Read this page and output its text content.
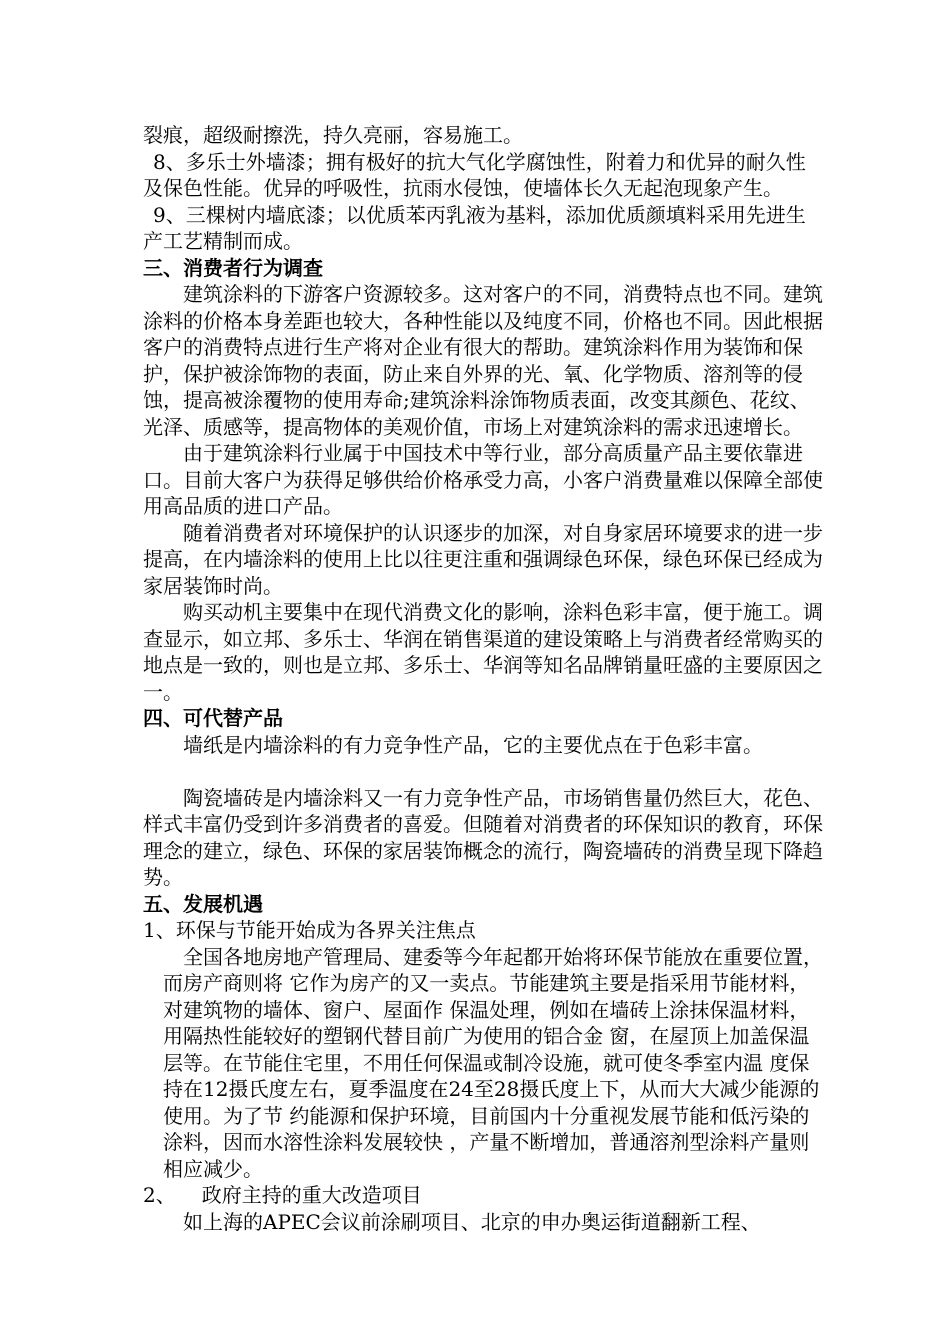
裂痕，超级耐擦洗，持久亮丽，容易施工。

8、多乐士外墙漆；拥有极好的抗大气化学腐蚀性，附着力和优异的耐久性及保色性能。优异的呼吸性，抗雨水侵蚀，使墙体长久无起泡现象产生。

9、三棵树内墙底漆；以优质苯丙乳液为基料，添加优质颜填料采用先进生产工艺精制而成。

三、消费者行为调查

建筑涂料的下游客户资源较多。这对客户的不同，消费特点也不同。建筑涂料的价格本身差距也较大，各种性能以及纯度不同，价格也不同。因此根据客户的消费特点进行生产将对企业有很大的帮助。建筑涂料作用为装饰和保护，保护被涂饰物的表面，防止来自外界的光、氧、化学物质、溶剂等的侵蚀，提高被涂覆物的使用寿命;建筑涂料涂饰物质表面，改变其颜色、花纹、光泽、质感等，提高物体的美观价值，市场上对建筑涂料的需求迅速增长。

由于建筑涂料行业属于中国技术中等行业，部分高质量产品主要依靠进口。目前大客户为获得足够供给价格承受力高，小客户消费量难以保障全部使用高品质的进口产品。

随着消费者对环境保护的认识逐步的加深，对自身家居环境要求的进一步提高，在内墙涂料的使用上比以往更注重和强调绿色环保，绿色环保已经成为家居装饰时尚。

购买动机主要集中在现代消费文化的影响，涂料色彩丰富，便于施工。调查显示，如立邦、多乐士、华润在销售渠道的建设策略上与消费者经常购买的地点是一致的，则也是立邦、多乐士、华润等知名品牌销量旺盛的主要原因之一。

四、可代替产品

墙纸是内墙涂料的有力竞争性产品，它的主要优点在于色彩丰富。

陶瓷墙砖是内墙涂料又一有力竞争性产品，市场销售量仍然巨大，花色、样式丰富仍受到许多消费者的喜爱。但随着对消费者的环保知识的教育，环保理念的建立，绿色、环保的家居装饰概念的流行，陶瓷墙砖的消费呈现下降趋势。

五、发展机遇

1、环保与节能开始成为各界关注焦点

全国各地房地产管理局、建委等今年起都开始将环保节能放在重要位置，而房产商则将 它作为房产的又一卖点。节能建筑主要是指采用节能材料，对建筑物的墙体、窗户、屋面作 保温处理，例如在墙砖上涂抹保温材料，用隔热性能较好的塑钢代替目前广为使用的铝合金 窗，在屋顶上加盖保温层等。在节能住宅里，不用任何保温或制冷设施，就可使冬季室内温 度保持在12摄氏度左右，夏季温度在24至28摄氏度上下，从而大大减少能源的使用。为了节 约能源和保护环境，目前国内十分重视发展节能和低污染的涂料，因而水溶性涂料发展较快 ，产量不断增加，普通溶剂型涂料产量则相应减少。

2、 政府主持的重大改造项目

如上海的APEC会议前涂刷项目、北京的申办奥运街道翻新工程、
